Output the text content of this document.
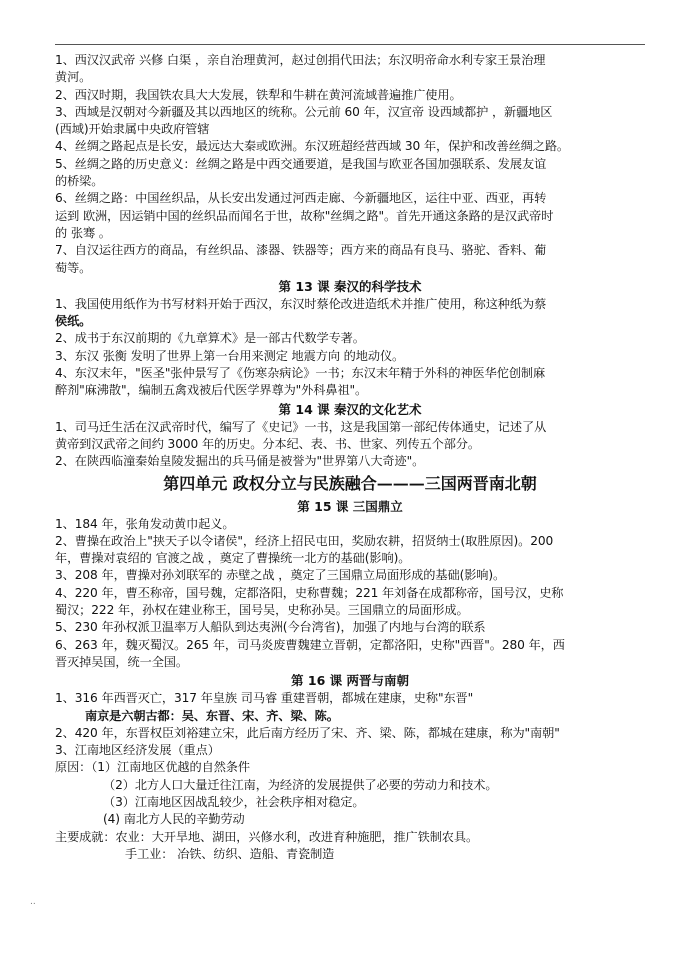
1、西汉汉武帝 兴修 白渠 ，亲自治理黄河，赵过创捐代田法；东汉明帝命水利专家王景治理
黄河。
2、西汉时期，我国铁农具大大发展，铁犁和牛耕在黄河流域普遍推广使用。
3、西域是汉朝对今新疆及其以西地区的统称。公元前 60 年，汉宣帝 设西域都护 ，新疆地区
(西域)开始隶属中央政府管辖
4、丝绸之路起点是长安，最远达大秦或欧洲。东汉班超经营西域 30 年，保护和改善丝绸之路。
5、丝绸之路的历史意义：丝绸之路是中西交通要道，是我国与欧亚各国加强联系、发展友谊
的桥梁。
6、丝绸之路：中国丝织品，从长安出发通过河西走廊、今新疆地区，运往中亚、西亚，再转
运到 欧洲，因运销中国的丝织品而闻名于世，故称"丝绸之路"。首先开通这条路的是汉武帝时
的 张骞 。
7、自汉运往西方的商品，有丝织品、漆器、铁器等；西方来的商品有良马、骆驼、香料、葡
萄等。
第 13 课 秦汉的科学技术
1、我国使用纸作为书写材料开始于西汉，东汉时蔡伦改进造纸术并推广使用，称这种纸为蔡
侯纸。
2、成书于东汉前期的《九章算术》是一部古代数学专著。
3、东汉 张衡 发明了世界上第一台用来测定 地震方向 的地动仪。
4、东汉末年，"医圣"张仲景写了《伤寒杂病论》一书；东汉末年精于外科的神医华佗创制麻
醉剂"麻沸散"，编制五禽戏被后代医学界尊为"外科鼻祖"。
第 14 课 秦汉的文化艺术
1、司马迁生活在汉武帝时代，编写了《史记》一书，这是我国第一部纪传体通史，记述了从
黄帝到汉武帝之间约 3000 年的历史。分本纪、表、书、世家、列传五个部分。
2、在陕西临潼秦始皇陵发掘出的兵马俑是被誉为"世界第八大奇迹"。
第四单元 政权分立与民族融合———三国两晋南北朝
第 15 课 三国鼎立
1、184 年，张角发动黄巾起义。
2、曹操在政治上"挟天子以令诸侯"，经济上招民屯田，奖励农耕，招贤纳士(取胜原因)。200
年，曹操对袁绍的 官渡之战 ，奠定了曹操统一北方的基础(影响)。
3、208 年，曹操对孙刘联军的 赤壁之战 ，奠定了三国鼎立局面形成的基础(影响)。
4、220 年，曹丕称帝，国号魏，定都洛阳，史称曹魏；221 年刘备在成都称帝，国号汉，史称
蜀汉；222 年，孙权在建业称王，国号吴，史称孙吴。三国鼎立的局面形成。
5、230 年孙权派卫温率万人船队到达夷洲(今台湾省)，加强了内地与台湾的联系
6、263 年，魏灭蜀汉。265 年，司马炎废曹魏建立晋朝，定都洛阳，史称"西晋"。280 年，西
晋灭掉吴国，统一全国。
第 16 课 两晋与南朝
1、316 年西晋灭亡，317 年皇族 司马睿 重建晋朝，都城在建康，史称"东晋"
南京是六朝古都：吴、东晋、宋、齐、梁、陈。
2、420 年，东晋权臣刘裕建立宋，此后南方经历了宋、齐、梁、陈，都城在建康，称为"南朝"
3、江南地区经济发展（重点）
原因：（1）江南地区优越的自然条件
（2）北方人口大量迁往江南，为经济的发展提供了必要的劳动力和技术。
（3）江南地区因战乱较少，社会秩序相对稳定。
(4) 南北方人民的辛勤劳动
主要成就：农业：大开旱地、湖田，兴修水利，改进育种施肥，推广铁制农具。
手工业： 冶铁、纺织、造船、青瓷制造
..
